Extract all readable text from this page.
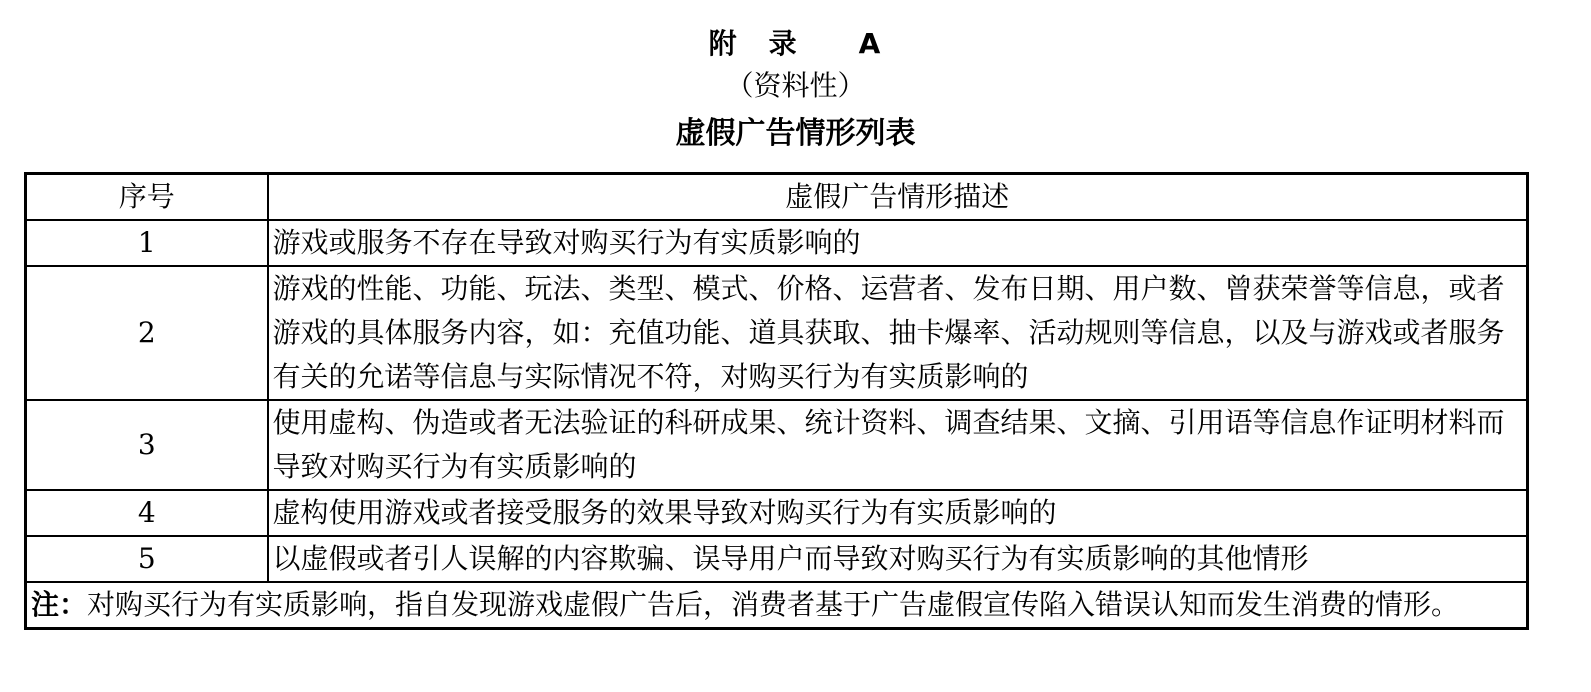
附　录　　A
（资料性）
虚假广告情形列表
序号	虚假广告情形描述
1	游戏或服务不存在导致对购买行为有实质影响的
2	游戏的性能、功能、玩法、类型、模式、价格、运营者、发布日期、用户数、曾获荣誉等信息，或者游戏的具体服务内容，如：充值功能、道具获取、抽卡爆率、活动规则等信息，以及与游戏或者服务有关的允诺等信息与实际情况不符，对购买行为有实质影响的
3	使用虚构、伪造或者无法验证的科研成果、统计资料、调查结果、文摘、引用语等信息作证明材料而导致对购买行为有实质影响的
4	虚构使用游戏或者接受服务的效果导致对购买行为有实质影响的
5	以虚假或者引人误解的内容欺骗、误导用户而导致对购买行为有实质影响的其他情形
注：对购买行为有实质影响，指自发现游戏虚假广告后，消费者基于广告虚假宣传陷入错误认知而发生消费的情形。	
